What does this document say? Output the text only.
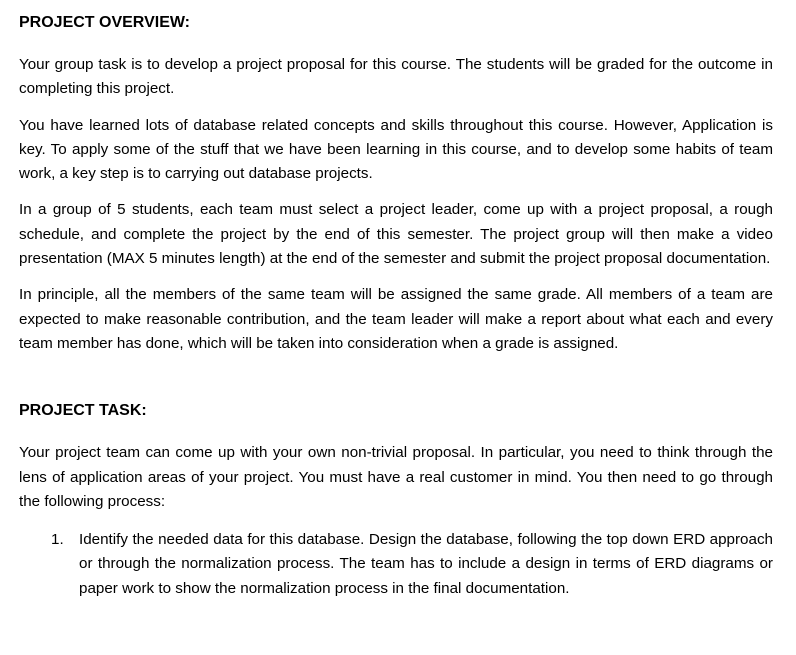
PROJECT OVERVIEW:

Your group task is to develop a project proposal for this course. The students will be graded for the outcome in completing this project.

You have learned lots of database related concepts and skills throughout this course. However, Application is key. To apply some of the stuff that we have been learning in this course, and to develop some habits of team work, a key step is to carrying out database projects.

In a group of 5 students, each team must select a project leader, come up with a project proposal, a rough schedule, and complete the project by the end of this semester. The project group will then make a video presentation (MAX 5 minutes length) at the end of the semester and submit the project proposal documentation.

In principle, all the members of the same team will be assigned the same grade. All members of a team are expected to make reasonable contribution, and the team leader will make a report about what each and every team member has done, which will be taken into consideration when a grade is assigned.

PROJECT TASK:

Your project team can come up with your own non-trivial proposal. In particular, you need to think through the lens of application areas of your project. You must have a real customer in mind. You then need to go through the following process:

1.	Identify the needed data for this database. Design the database, following the top down ERD approach or through the normalization process. The team has to include a design in terms of ERD diagrams or paper work to show the normalization process in the final documentation.
